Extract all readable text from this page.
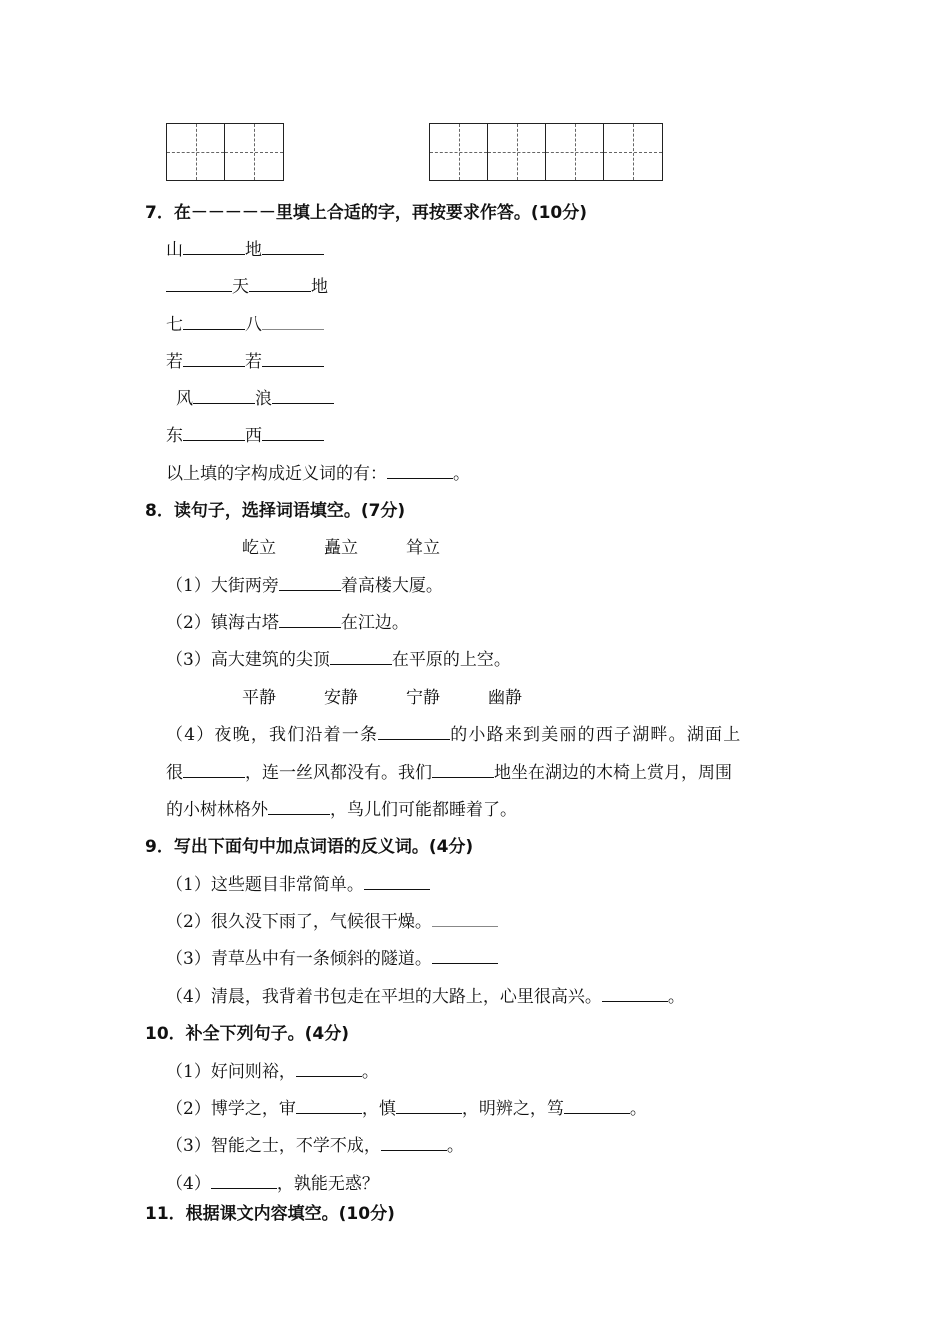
7．在－－－－－里填上合适的字，再按要求作答。(10分)
山	地
天	地
七	八
若	若
风	浪
东	西
以上填的字构成近义词的有：	。
8．读句子，选择词语填空。(7分)
屹立	矗立	耸立
（1）大街两旁	着高楼大厦。
（2）镇海古塔	在江边。
（3）高大建筑的尖顶	在平原的上空。
平静	安静	宁静	幽静
（4）夜晚，我们沿着一条	的小路来到美丽的西子湖畔。湖面上
很	，连一丝风都没有。我们	地坐在湖边的木椅上赏月，周围
的小树林格外	，鸟儿们可能都睡着了。
9．写出下面句中加点词语的反义词。(4分)
（1）这些题目非常简单。
（2）很久没下雨了，气候很干燥。
（3）青草丛中有一条倾斜的隧道。
（4）清晨，我背着书包走在平坦的大路上，心里很高兴。	。
10．补全下列句子。(4分)
（1）好问则裕，	。
（2）博学之，审	，慎	，明辨之，笃	。
（3）智能之士，不学不成，	。
（4）	，孰能无惑？
11．根据课文内容填空。(10分)
